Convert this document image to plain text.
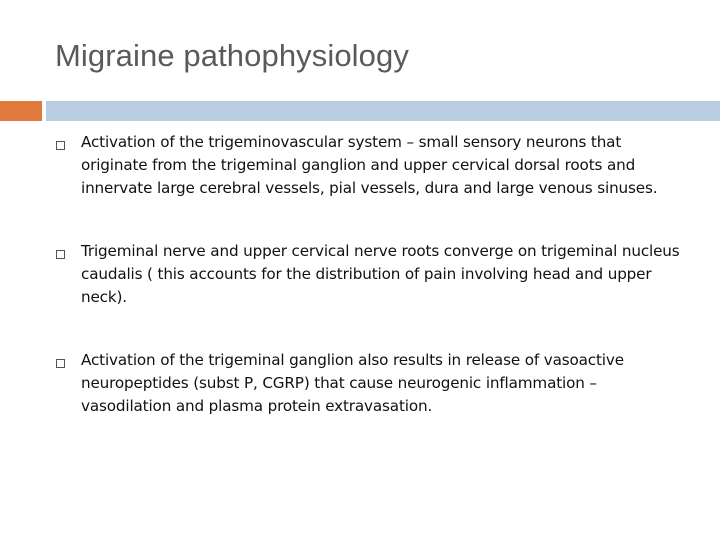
Migraine pathophysiology
Activation of the trigeminovascular system – small sensory neurons that originate from the trigeminal ganglion and upper cervical dorsal roots and innervate large cerebral vessels, pial vessels, dura and large venous sinuses.
Trigeminal nerve and upper cervical nerve roots converge on trigeminal nucleus caudalis ( this accounts for the distribution of pain involving head and upper neck).
Activation of the trigeminal ganglion also results in release of vasoactive neuropeptides (subst P, CGRP) that cause neurogenic inflammation – vasodilation and plasma protein extravasation.
